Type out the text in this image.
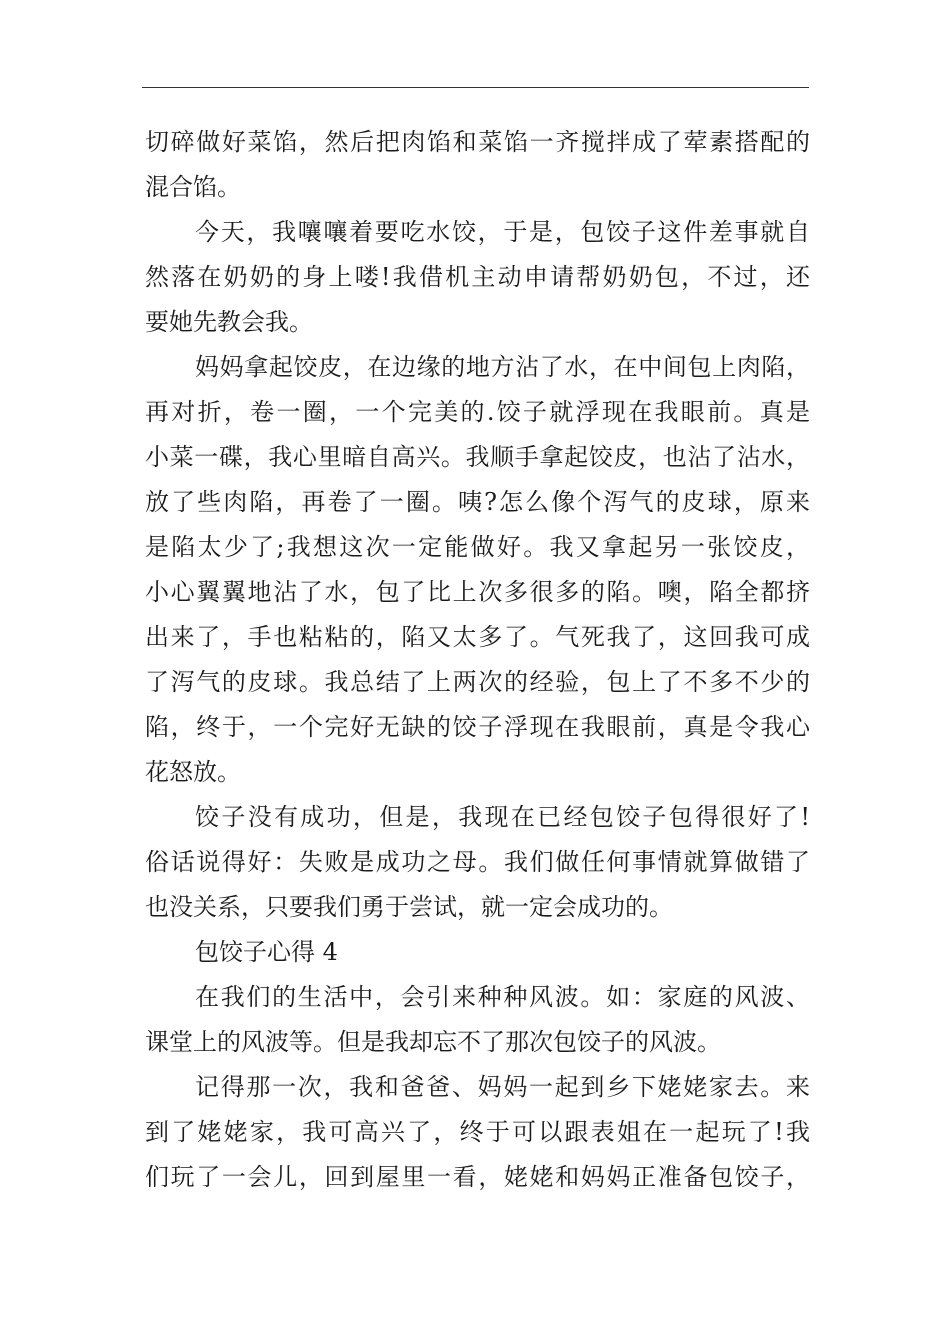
切碎做好菜馅，然后把肉馅和菜馅一齐搅拌成了荤素搭配的
混合馅。
今天，我嚷嚷着要吃水饺，于是，包饺子这件差事就自
然落在奶奶的身上喽!我借机主动申请帮奶奶包，不过，还
要她先教会我。
妈妈拿起饺皮，在边缘的地方沾了水，在中间包上肉陷，
再对折，卷一圈，一个完美的.饺子就浮现在我眼前。真是
小菜一碟，我心里暗自高兴。我顺手拿起饺皮，也沾了沾水，
放了些肉陷，再卷了一圈。咦?怎么像个泻气的皮球，原来
是陷太少了;我想这次一定能做好。我又拿起另一张饺皮，
小心翼翼地沾了水，包了比上次多很多的陷。噢，陷全都挤
出来了，手也粘粘的，陷又太多了。气死我了，这回我可成
了泻气的皮球。我总结了上两次的经验，包上了不多不少的
陷，终于，一个完好无缺的饺子浮现在我眼前，真是令我心
花怒放。
饺子没有成功，但是，我现在已经包饺子包得很好了!
俗话说得好：失败是成功之母。我们做任何事情就算做错了
也没关系，只要我们勇于尝试，就一定会成功的。
包饺子心得 4
在我们的生活中，会引来种种风波。如：家庭的风波、
课堂上的风波等。但是我却忘不了那次包饺子的风波。
记得那一次，我和爸爸、妈妈一起到乡下姥姥家去。来
到了姥姥家，我可高兴了，终于可以跟表姐在一起玩了!我
们玩了一会儿，回到屋里一看，姥姥和妈妈正准备包饺子，
